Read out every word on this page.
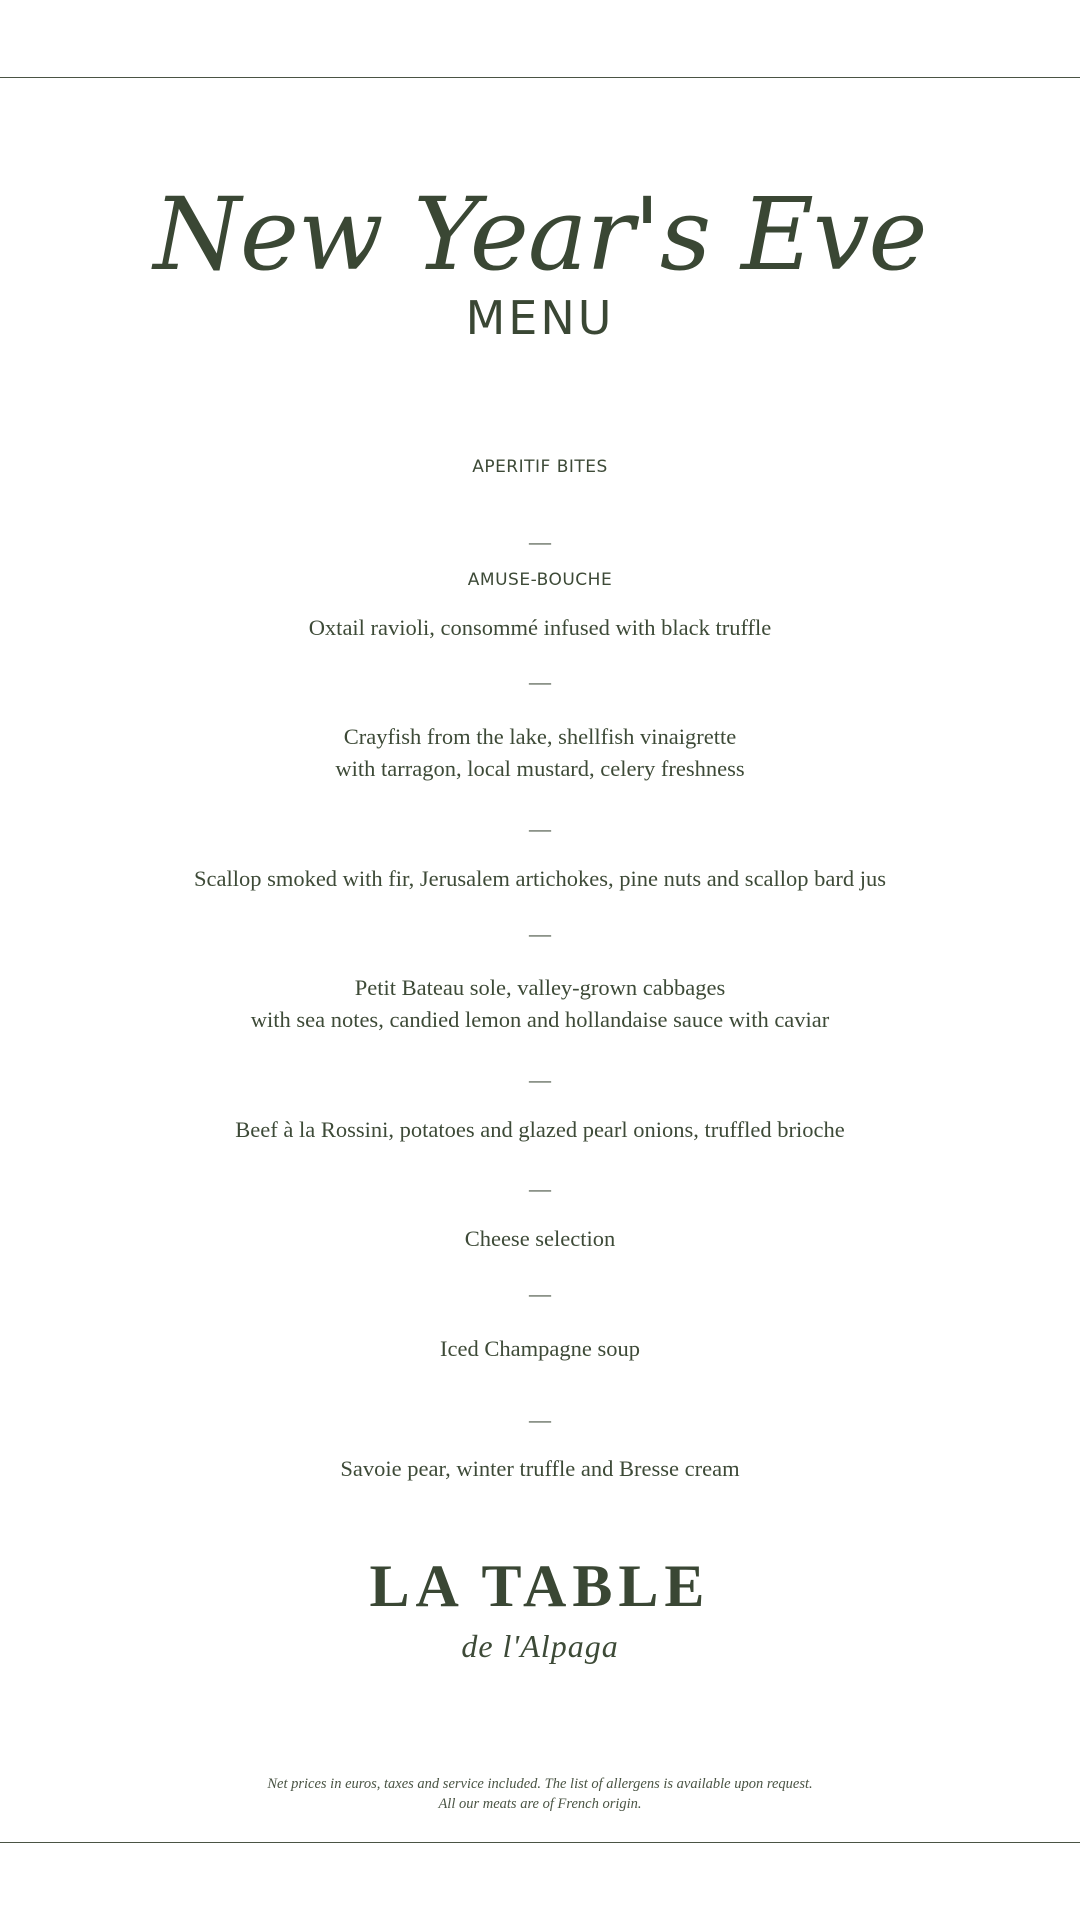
New Year's Eve
MENU
APERITIF BITES
—
AMUSE-BOUCHE
Oxtail ravioli, consommé infused with black truffle
—
Crayfish from the lake, shellfish vinaigrette
with tarragon, local mustard, celery freshness
—
Scallop smoked with fir, Jerusalem artichokes, pine nuts and scallop bard jus
—
Petit Bateau sole, valley-grown cabbages
with sea notes, candied lemon and hollandaise sauce with caviar
—
Beef à la Rossini, potatoes and glazed pearl onions, truffled brioche
—
Cheese selection
—
Iced Champagne soup
—
Savoie pear, winter truffle and Bresse cream
LA TABLE
de l'Alpaga
Net prices in euros, taxes and service included. The list of allergens is available upon request.
All our meats are of French origin.
